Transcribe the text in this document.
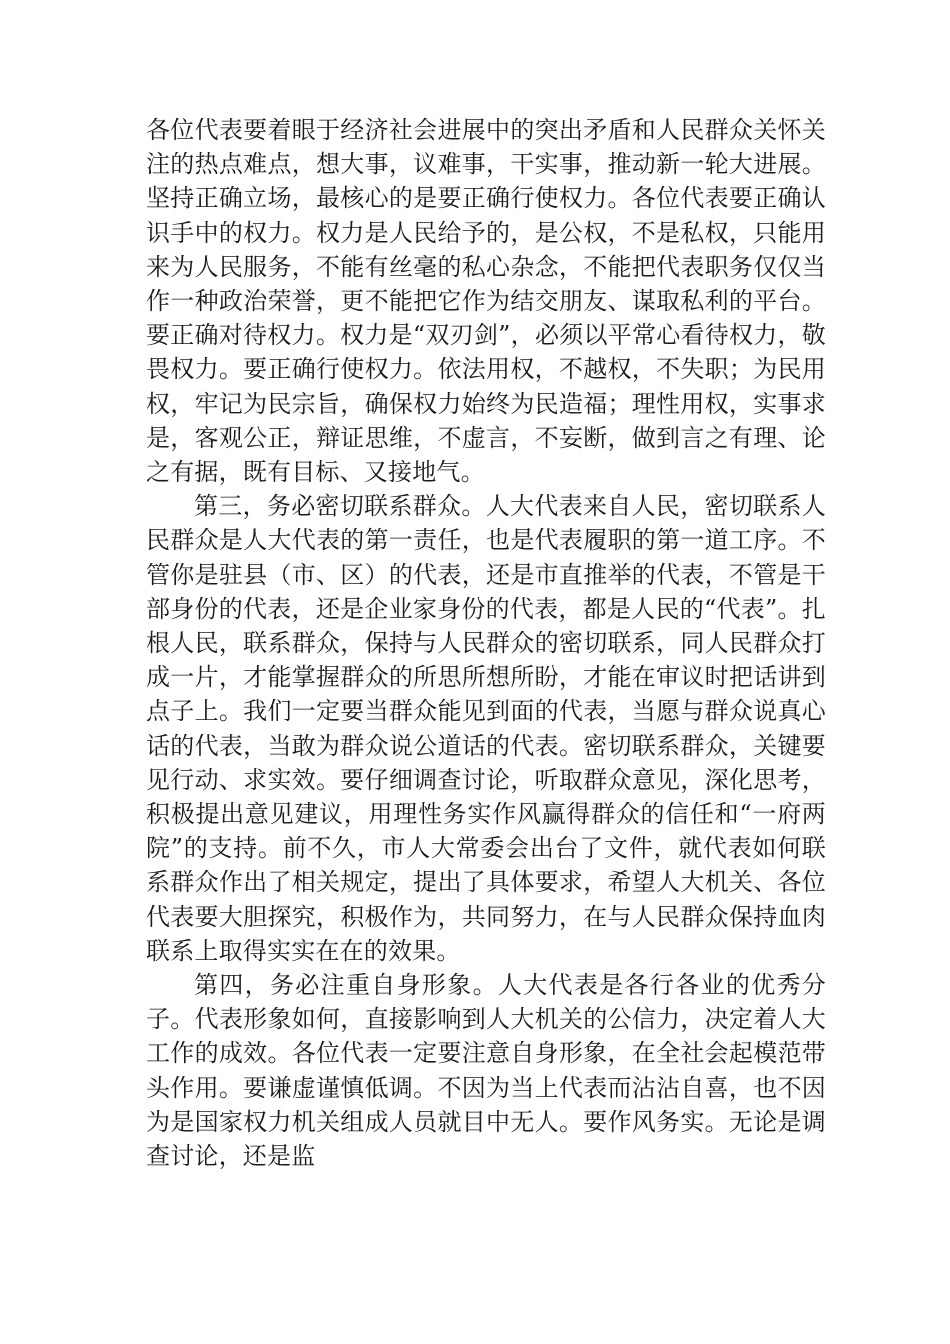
各位代表要着眼于经济社会进展中的突出矛盾和人民群众关怀关注的热点难点，想大事，议难事，干实事，推动新一轮大进展。坚持正确立场，最核心的是要正确行使权力。各位代表要正确认识手中的权力。权力是人民给予的，是公权，不是私权，只能用来为人民服务，不能有丝毫的私心杂念，不能把代表职务仅仅当作一种政治荣誉，更不能把它作为结交朋友、谋取私利的平台。要正确对待权力。权力是“双刃剑”，必须以平常心看待权力，敬畏权力。要正确行使权力。依法用权，不越权，不失职；为民用权，牢记为民宗旨，确保权力始终为民造福；理性用权，实事求是，客观公正，辩证思维，不虚言，不妄断，做到言之有理、论之有据，既有目标、又接地气。

第三，务必密切联系群众。人大代表来自人民，密切联系人民群众是人大代表的第一责任，也是代表履职的第一道工序。不管你是驻县（市、区）的代表，还是市直推举的代表，不管是干部身份的代表，还是企业家身份的代表，都是人民的“代表”。扎根人民，联系群众，保持与人民群众的密切联系，同人民群众打成一片，才能掌握群众的所思所想所盼，才能在审议时把话讲到点子上。我们一定要当群众能见到面的代表，当愿与群众说真心话的代表，当敢为群众说公道话的代表。密切联系群众，关键要见行动、求实效。要仔细调查讨论，听取群众意见，深化思考，积极提出意见建议，用理性务实作风赢得群众的信任和“一府两院”的支持。前不久，市人大常委会出台了文件，就代表如何联系群众作出了相关规定，提出了具体要求，希望人大机关、各位代表要大胆探究，积极作为，共同努力，在与人民群众保持血肉联系上取得实实在在的效果。

第四，务必注重自身形象。人大代表是各行各业的优秀分子。代表形象如何，直接影响到人大机关的公信力，决定着人大工作的成效。各位代表一定要注意自身形象，在全社会起模范带头作用。要谦虚谨慎低调。不因为当上代表而沾沾自喜，也不因为是国家权力机关组成人员就目中无人。要作风务实。无论是调查讨论，还是监
